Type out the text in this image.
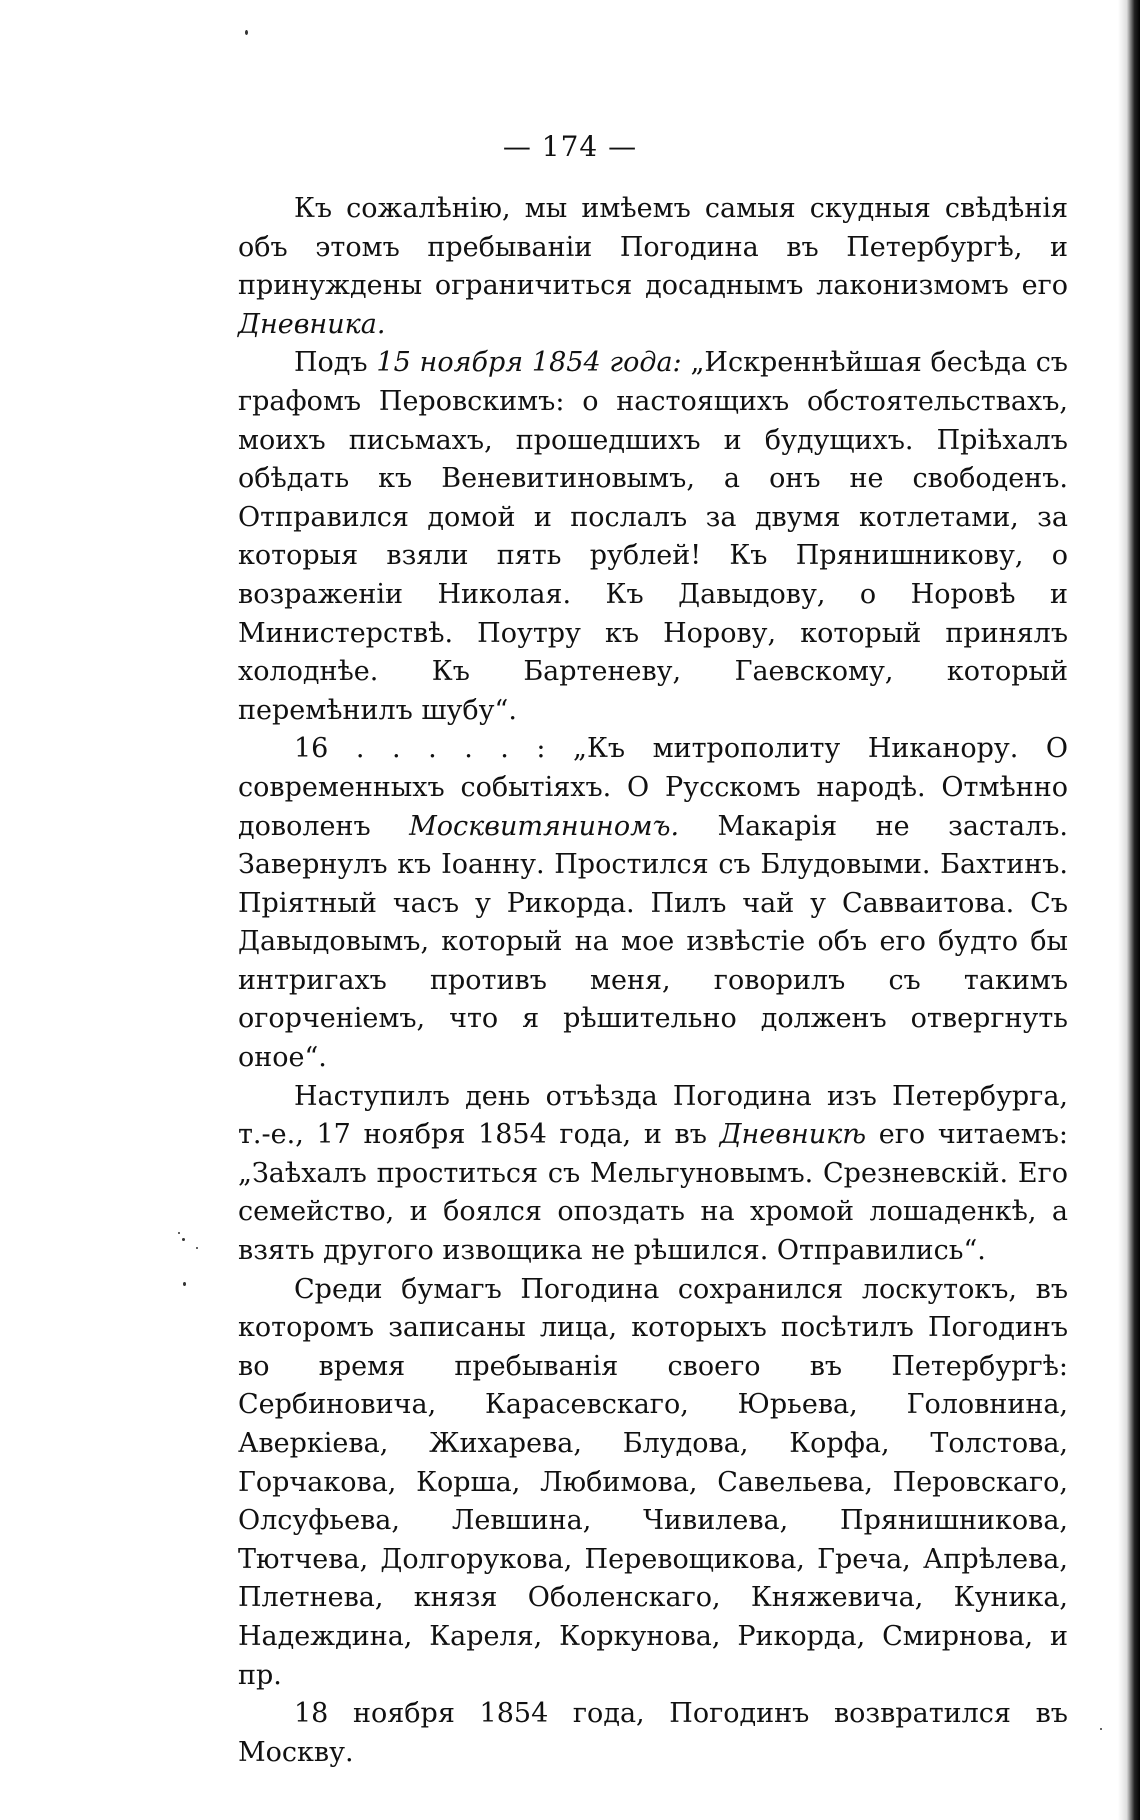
— 174 —

Къ сожалѣнію, мы имѣемъ самыя скудныя свѣдѣнія объ этомъ пребываніи Погодина въ Петербургѣ, и принуждены ограничиться досаднымъ лаконизмомъ его Дневника.

Подъ 15 ноября 1854 года: „Искреннѣйшая бесѣда съ графомъ Перовскимъ: о настоящихъ обстоятельствахъ, моихъ письмахъ, прошедшихъ и будущихъ. Пріѣхалъ обѣдать къ Веневитиновымъ, а онъ не свободенъ. Отправился домой и послалъ за двумя котлетами, за которыя взяли пять рублей! Къ Прянишникову, о возраженіи Николая. Къ Давыдову, о Норовѣ и Министерствѣ. Поутру къ Норову, который принялъ холоднѣе. Къ Бартеневу, Гаевскому, который перемѣнилъ шубу“.

16 . . . . . : „Къ митрополиту Никанору. О современныхъ событіяхъ. О Русскомъ народѣ. Отмѣнно доволенъ Москвитяниномъ. Макарія не засталъ. Завернулъ къ Іоанну. Простился съ Блудовыми. Бахтинъ. Пріятный часъ у Рикорда. Пилъ чай у Савваитова. Съ Давыдовымъ, который на мое извѣстіе объ его будто бы интригахъ противъ меня, говорилъ съ такимъ огорченіемъ, что я рѣшительно долженъ отвергнуть оное“.

Наступилъ день отъѣзда Погодина изъ Петербурга, т.-е., 17 ноября 1854 года, и въ Дневникѣ его читаемъ: „Заѣхалъ проститься съ Мельгуновымъ. Срезневскій. Его семейство, и боялся опоздать на хромой лошаденкѣ, а взять другого извощика не рѣшился. Отправились“.

Среди бумагъ Погодина сохранился лоскутокъ, въ которомъ записаны лица, которыхъ посѣтилъ Погодинъ во время пребыванія своего въ Петербургѣ: Сербиновича, Карасевскаго, Юрьева, Головнина, Аверкіева, Жихарева, Блудова, Корфа, Толстова, Горчакова, Корша, Любимова, Савельева, Перовскаго, Олсуфьева, Левшина, Чивилева, Прянишникова, Тютчева, Долгорукова, Перевощикова, Греча, Апрѣлева, Плетнева, князя Оболенскаго, Княжевича, Куника, Надеждина, Кареля, Коркунова, Рикорда, Смирнова, и пр.

18 ноября 1854 года, Погодинъ возвратился въ Москву.
